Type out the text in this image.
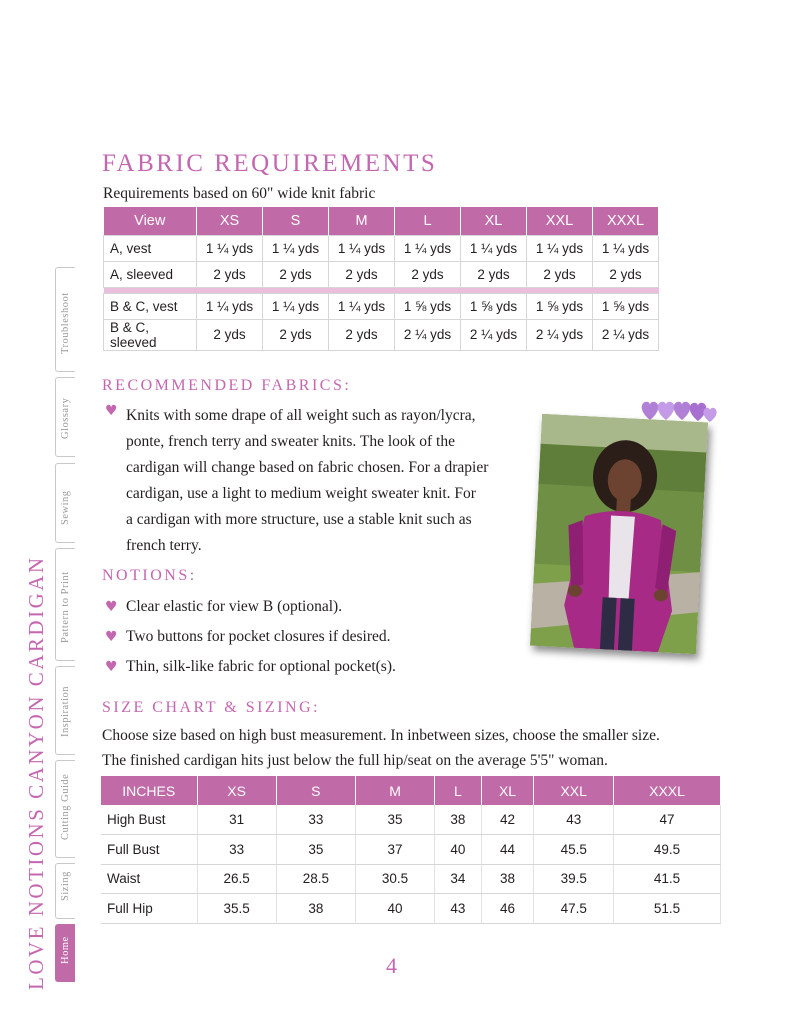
LOVE NOTIONS CANYON CARDIGAN
Troubleshoot
Glossary
Sewing
Pattern to Print
Inspiration
Cutting Guide
Sizing
Home
FABRIC REQUIREMENTS
Requirements based on 60" wide knit fabric
View	XS	S	M	L	XL	XXL	XXXL
A, vest	1 ¼ yds	1 ¼ yds	1 ¼ yds	1 ¼ yds	1 ¼ yds	1 ¼ yds	1 ¼ yds
A, sleeved	2 yds	2 yds	2 yds	2 yds	2 yds	2 yds	2 yds

B & C, vest	1 ¼ yds	1 ¼ yds	1 ¼ yds	1 ⅝ yds	1 ⅝ yds	1 ⅝ yds	1 ⅝ yds
B & C, sleeved	2 yds	2 yds	2 yds	2 ¼ yds	2 ¼ yds	2 ¼ yds	2 ¼ yds
RECOMMENDED FABRICS:
♥ Knits with some drape of all weight such as rayon/lycra,
ponte, french terry and sweater knits. The look of the
cardigan will change based on fabric chosen. For a drapier
cardigan, use a light to medium weight sweater knit. For
a cardigan with more structure, use a stable knit such as
french terry.
NOTIONS:
♥ Clear elastic for view B (optional).
♥ Two buttons for pocket closures if desired.
♥ Thin, silk-like fabric for optional pocket(s).
SIZE CHART & SIZING:
Choose size based on high bust measurement. In inbetween sizes, choose the smaller size.
The finished cardigan hits just below the full hip/seat on the average 5'5" woman.
INCHES	XS	S	M	L	XL	XXL	XXXL
High Bust	31	33	35	38	42	43	47
Full Bust	33	35	37	40	44	45.5	49.5
Waist	26.5	28.5	30.5	34	38	39.5	41.5
Full Hip	35.5	38	40	43	46	47.5	51.5
4
